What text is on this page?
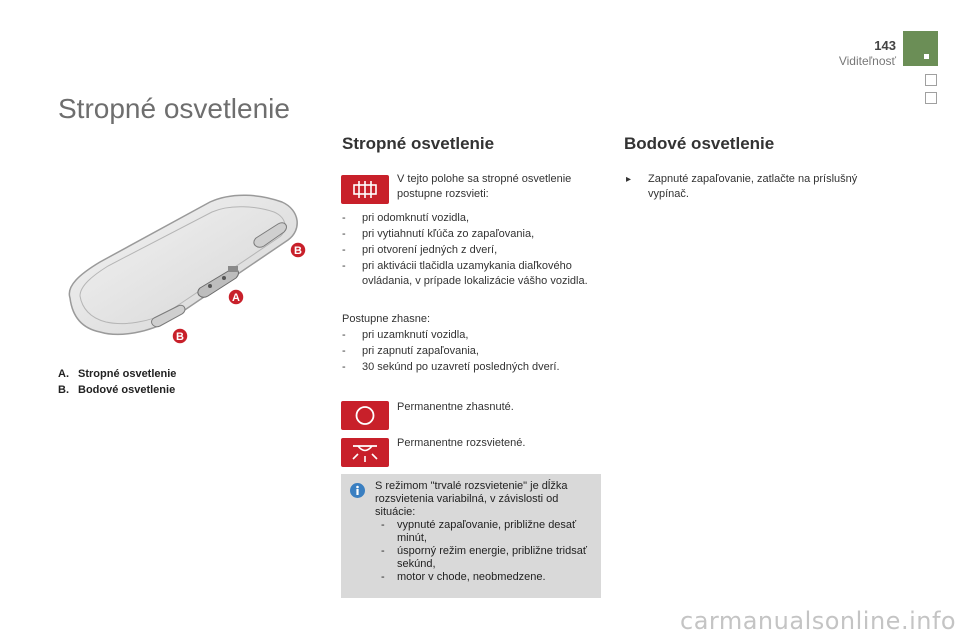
143
Viditeľnosť
Stropné osvetlenie
B
A
B
A. Stropné osvetlenie
B. Bodové osvetlenie
Stropné osvetlenie
V tejto polohe sa stropné osvetlenie postupne rozsvieti:
- pri odomknutí vozidla,
- pri vytiahnutí kľúča zo zapaľovania,
- pri otvorení jedných z dverí,
- pri aktivácii tlačidla uzamykania diaľkového ovládania, v prípade lokalizácie vášho vozidla.
Postupne zhasne:
- pri uzamknutí vozidla,
- pri zapnutí zapaľovania,
- 30 sekúnd po uzavretí posledných dverí.
Permanentne zhasnuté.
Permanentne rozsvietené.
S režimom "trvalé rozsvietenie" je dĺžka rozsvietenia variabilná, v závislosti od situácie:
- vypnuté zapaľovanie, približne desať minút,
- úsporný režim energie, približne tridsať sekúnd,
- motor v chode, neobmedzene.
Bodové osvetlenie
▸ Zapnuté zapaľovanie, zatlačte na príslušný vypínač.
carmanualsonline.info
